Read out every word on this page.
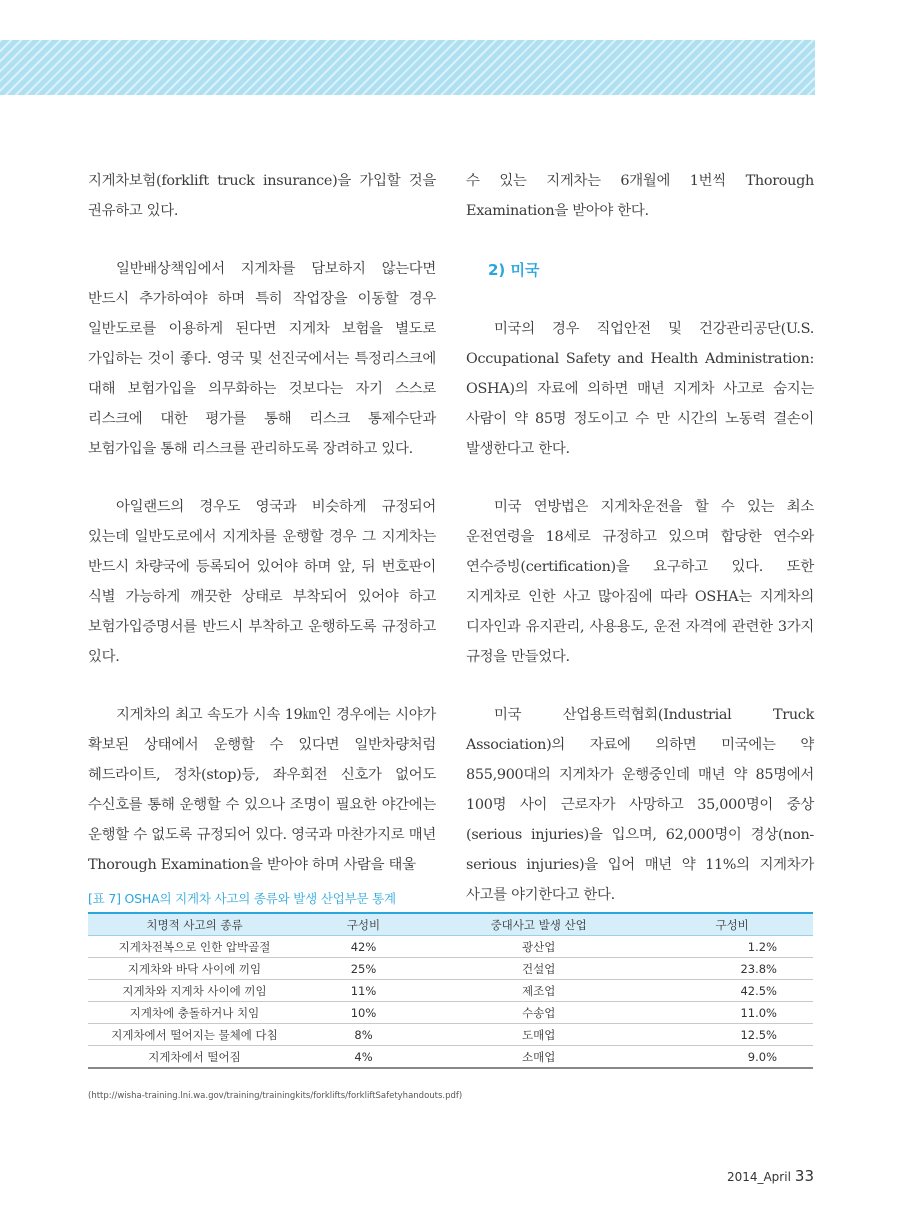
지게차보험(forklift truck insurance)을 가입할 것을 권유하고 있다.

일반배상책임에서 지게차를 담보하지 않는다면 반드시 추가하여야 하며 특히 작업장을 이동할 경우 일반도로를 이용하게 된다면 지게차 보험을 별도로 가입하는 것이 좋다. 영국 및 선진국에서는 특정리스크에 대해 보험가입을 의무화하는 것보다는 자기 스스로 리스크에 대한 평가를 통해 리스크 통제수단과 보험가입을 통해 리스크를 관리하도록 장려하고 있다.

아일랜드의 경우도 영국과 비슷하게 규정되어 있는데 일반도로에서 지게차를 운행할 경우 그 지게차는 반드시 차량국에 등록되어 있어야 하며 앞, 뒤 번호판이 식별 가능하게 깨끗한 상태로 부착되어 있어야 하고 보험가입증명서를 반드시 부착하고 운행하도록 규정하고 있다.

지게차의 최고 속도가 시속 19㎞인 경우에는 시야가 확보된 상태에서 운행할 수 있다면 일반차량처럼 헤드라이트, 정차(stop)등, 좌우회전 신호가 없어도 수신호를 통해 운행할 수 있으나 조명이 필요한 야간에는 운행할 수 없도록 규정되어 있다. 영국과 마찬가지로 매년 Thorough Examination을 받아야 하며 사람을 태울

수 있는 지게차는 6개월에 1번씩 Thorough Examination을 받아야 한다.

2) 미국

미국의 경우 직업안전 및 건강관리공단(U.S. Occupational Safety and Health Administration: OSHA)의 자료에 의하면 매년 지게차 사고로 숨지는 사람이 약 85명 정도이고 수 만 시간의 노동력 결손이 발생한다고 한다.

미국 연방법은 지게차운전을 할 수 있는 최소 운전연령을 18세로 규정하고 있으며 합당한 연수와 연수증빙(certification)을 요구하고 있다. 또한 지게차로 인한 사고 많아짐에 따라 OSHA는 지게차의 디자인과 유지관리, 사용용도, 운전 자격에 관련한 3가지 규정을 만들었다.

미국 산업용트럭협회(Industrial Truck Association)의 자료에 의하면 미국에는 약 855,900대의 지게차가 운행중인데 매년 약 85명에서 100명 사이 근로자가 사망하고 35,000명이 중상(serious injuries)을 입으며, 62,000명이 경상(non-serious injuries)을 입어 매년 약 11%의 지게차가 사고를 야기한다고 한다.

[표 7] OSHA의 지게차 사고의 종류와 발생 산업부문 통계
치명적 사고의 종류	구성비	중대사고 발생 산업	구성비
지게차전복으로 인한 압박골절	42%	광산업	1.2%
지게차와 바닥 사이에 끼임	25%	건설업	23.8%
지게차와 지게차 사이에 끼임	11%	제조업	42.5%
지게차에 충돌하거나 치임	10%	수송업	11.0%
지게차에서 떨어지는 물체에 다침	8%	도매업	12.5%
지게차에서 떨어짐	4%	소매업	9.0%
(http://wisha-training.lni.wa.gov/training/trainingkits/forklifts/forkliftSafetyhandouts.pdf)
2014_April 33
